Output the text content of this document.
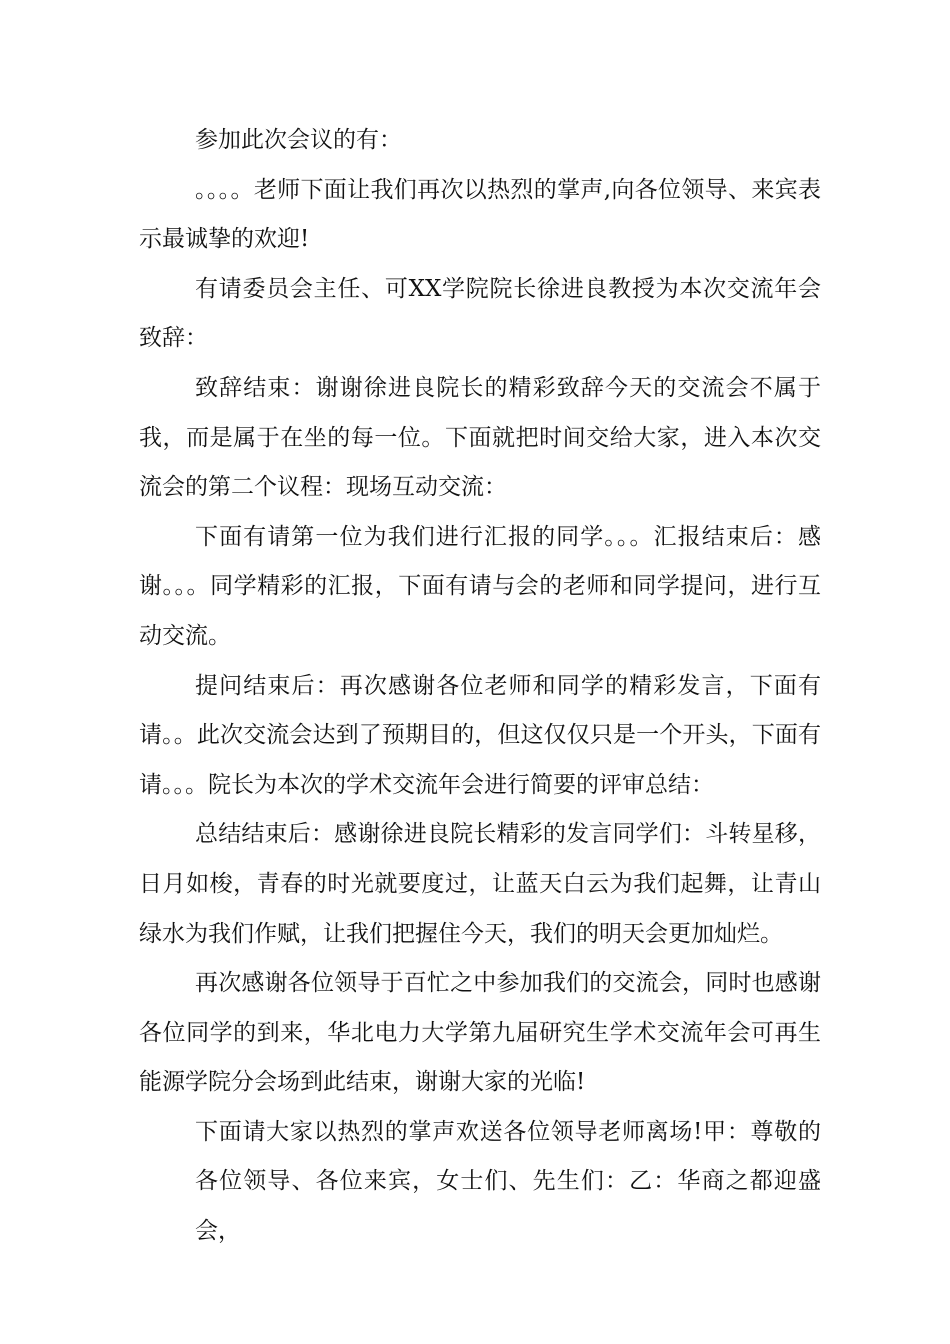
参加此次会议的有：

。。。。老师下面让我们再次以热烈的掌声,向各位领导、来宾表示最诚挚的欢迎!

有请委员会主任、可XX学院院长徐进良教授为本次交流年会致辞：

致辞结束：谢谢徐进良院长的精彩致辞今天的交流会不属于我，而是属于在坐的每一位。下面就把时间交给大家，进入本次交流会的第二个议程：现场互动交流：

下面有请第一位为我们进行汇报的同学。。。汇报结束后：感谢。。。同学精彩的汇报，下面有请与会的老师和同学提问，进行互动交流。

提问结束后：再次感谢各位老师和同学的精彩发言，下面有请。。此次交流会达到了预期目的，但这仅仅只是一个开头，下面有请。。。院长为本次的学术交流年会进行简要的评审总结：

总结结束后：感谢徐进良院长精彩的发言同学们：斗转星移，日月如梭，青春的时光就要度过，让蓝天白云为我们起舞，让青山绿水为我们作赋，让我们把握住今天，我们的明天会更加灿烂。

再次感谢各位领导于百忙之中参加我们的交流会，同时也感谢各位同学的到来，华北电力大学第九届研究生学术交流年会可再生能源学院分会场到此结束，谢谢大家的光临!

下面请大家以热烈的掌声欢送各位领导老师离场!甲：尊敬的各位领导、各位来宾，女士们、先生们：乙：华商之都迎盛会，
